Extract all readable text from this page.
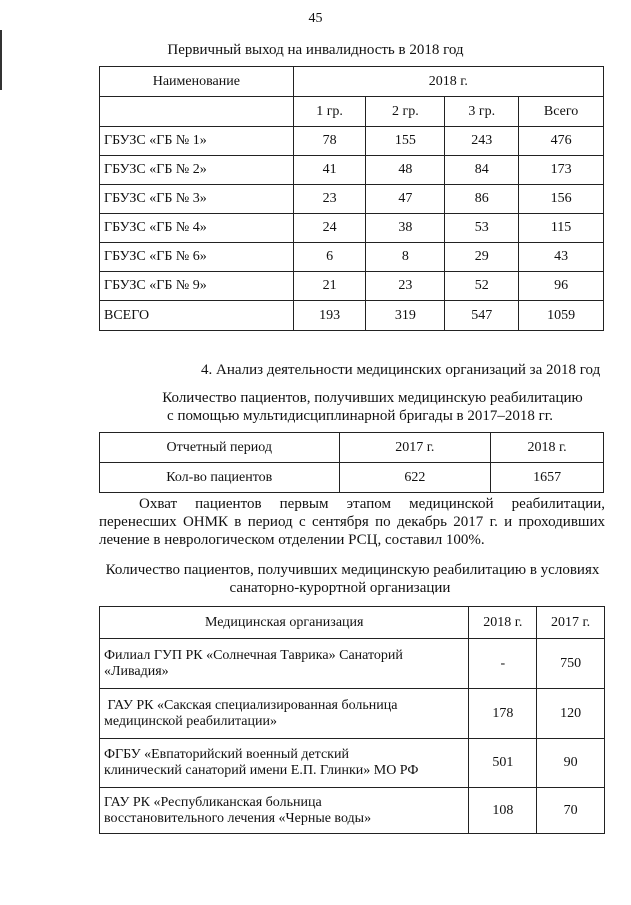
45
Первичный выход на инвалидность в 2018 год
Наименование	2018 г.			
	1 гр.	2 гр.	3 гр.	Всего
ГБУЗС «ГБ № 1»	78	155	243	476
ГБУЗС «ГБ № 2»	41	48	84	173
ГБУЗС «ГБ № 3»	23	47	86	156
ГБУЗС «ГБ № 4»	24	38	53	115
ГБУЗС «ГБ № 6»	6	8	29	43
ГБУЗС «ГБ № 9»	21	23	52	96
ВСЕГО	193	319	547	1059
4. Анализ деятельности медицинских организаций за 2018 год
Количество пациентов, получивших медицинскую реабилитацию
с помощью мультидисциплинарной бригады в 2017–2018 гг.
Отчетный период	2017 г.	2018 г.
Кол-во пациентов	622	1657
Охват пациентов первым этапом медицинской реабилитации,
перенесших ОНМК в период с сентября по декабрь 2017 г. и проходивших
лечение в неврологическом отделении РСЦ, составил 100%.
Количество пациентов, получивших медицинскую реабилитацию в условиях
санаторно-курортной организации
Медицинская организация	2018 г.	2017 г.

Филиал ГУП РК «Солнечная Таврика» Санаторий
«Ливадия»	-	750

ГАУ РК «Сакская специализированная больница
медицинской реабилитации»	178	120

ФГБУ «Евпаторийский военный детский
клинический санаторий имени Е.П. Глинки» МО РФ	501	90

ГАУ РК «Республиканская больница
восстановительного лечения «Черные воды»	108	70
